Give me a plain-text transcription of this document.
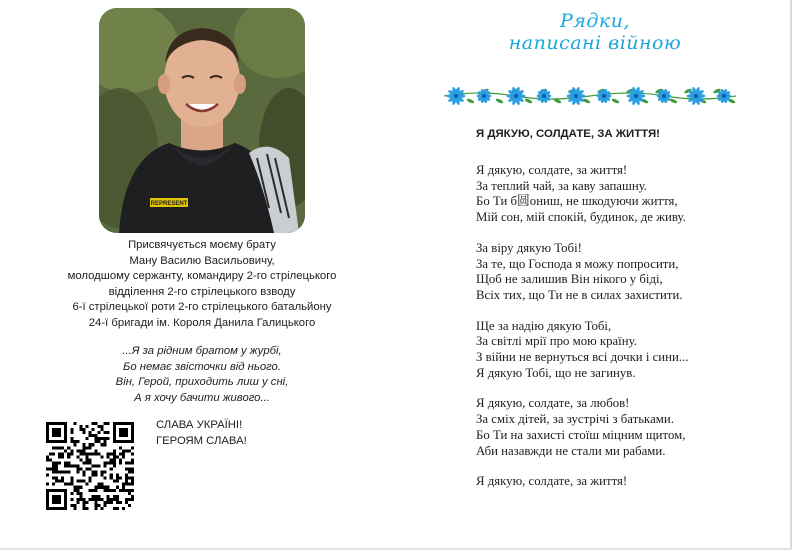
REPRESENT
Присвячується моєму брату
Ману Василю Васильовичу,
молодшому сержанту, командиру 2-го стрілецького
відділення 2-го стрілецького взводу
6-ї стрілецької роти 2-го стрілецького батальйону
24-ї бригади ім. Короля Данила Галицького
...Я за рідним братом у журбі,
Бо немає звісточки від нього.
Він, Герой, приходить лиш у сні,
А я хочу бачити живого...
СЛАВА УКРАЇНІ!
ГЕРОЯМ СЛАВА!
Рядки,
написані війною
Я ДЯКУЮ, СОЛДАТЕ, ЗА ЖИТТЯ!
Я дякую, солдате, за життя!
За теплий чай, за каву запашну.
Бо Ти б圆ониш, не шкодуючи життя,
Мій сон, мій спокій, будинок, де живу.
За віру дякую Тобі!
За те, що Господа я можу попросити,
Щоб не залишив Він нікого у біді,
Всіх тих, що Ти не в силах захистити.
Ще за надію дякую Тобі,
За світлі мрії про мою країну.
З війни не вернуться всі дочки і сини...
Я дякую Тобі, що не загинув.
Я дякую, солдате, за любов!
За сміх дітей, за зустрічі з батьками.
Бо Ти на захисті стоїш міцним щитом,
Аби назавжди не стали ми рабами.
Я дякую, солдате, за життя!
